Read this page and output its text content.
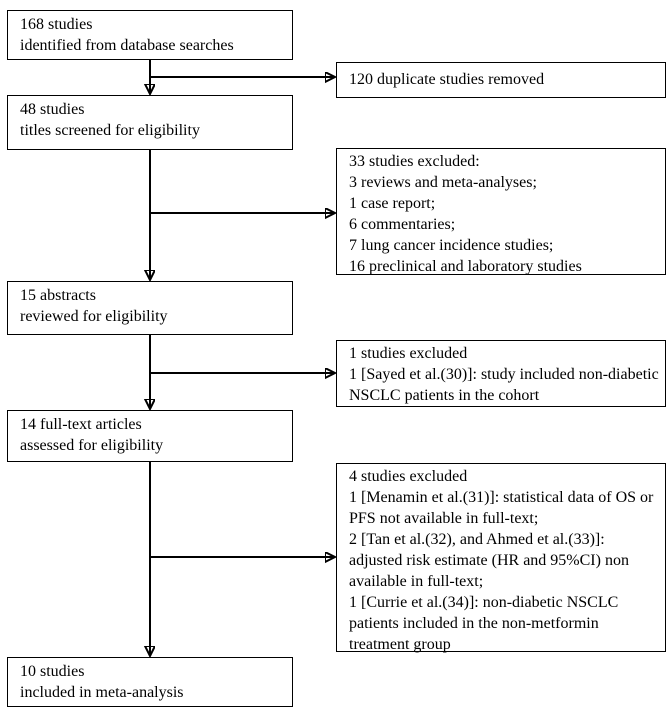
168 studies
identified from database searches
48 studies
titles screened for eligibility
15 abstracts
reviewed for eligibility
14 full-text articles
assessed for eligibility
10 studies
included in meta-analysis
120 duplicate studies removed
33 studies excluded:
3 reviews and meta-analyses;
1 case report;
6 commentaries;
7 lung cancer incidence studies;
16 preclinical and laboratory studies
1 studies excluded
1 [Sayed et al.(30)]: study included non-diabetic
NSCLC patients in the cohort
4 studies excluded
1 [Menamin et al.(31)]: statistical data of OS or
PFS not available in full-text;
2 [Tan et al.(32), and Ahmed et al.(33)]:
adjusted risk estimate (HR and 95%CI) non
available in full-text;
1 [Currie et al.(34)]: non-diabetic NSCLC
patients included in the non-metformin
treatment group
